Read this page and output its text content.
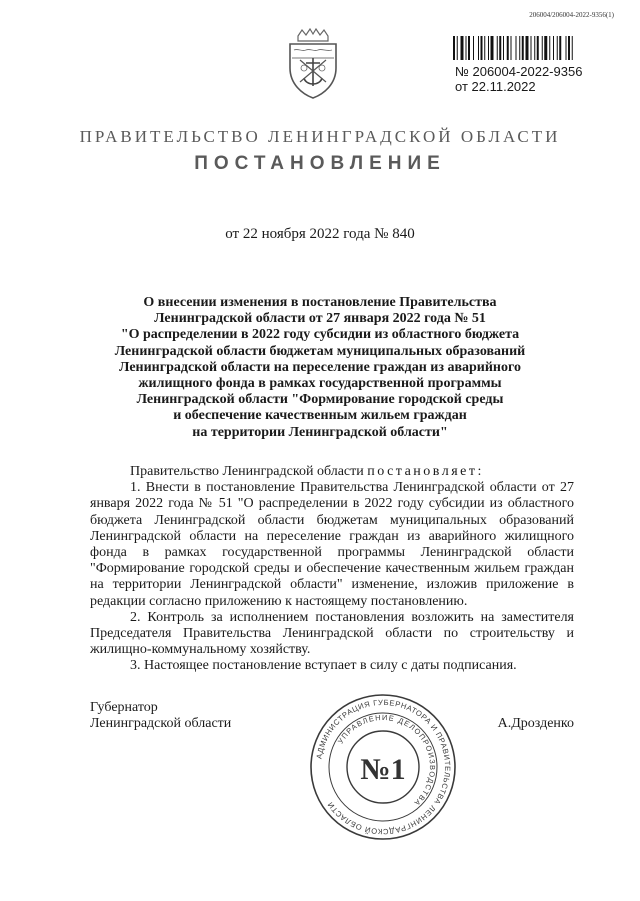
206004/206004-2022-9356(1)
№ 206004-2022-9356
от 22.11.2022
ПРАВИТЕЛЬСТВО ЛЕНИНГРАДСКОЙ ОБЛАСТИ
ПОСТАНОВЛЕНИЕ
от 22 ноября 2022 года № 840
О внесении изменения в постановление Правительства
Ленинградской области от 27 января 2022 года № 51
"О распределении в 2022 году субсидии из областного бюджета
Ленинградской области бюджетам муниципальных образований
Ленинградской области на переселение граждан из аварийного
жилищного фонда в рамках государственной программы
Ленинградской области "Формирование городской среды
и обеспечение качественным жильем граждан
на территории Ленинградской области"

Правительство Ленинградской области постановляет:

1. Внести в постановление Правительства Ленинградской области от 27 января 2022 года № 51 "О распределении в 2022 году субсидии из областного бюджета Ленинградской области бюджетам муниципальных образований Ленинградской области на переселение граждан из аварийного жилищного фонда в рамках государственной программы Ленинградской области "Формирование городской среды и обеспечение качественным жильем граждан на территории Ленинградской области" изменение, изложив приложение в редакции согласно приложению к настоящему постановлению.

2. Контроль за исполнением постановления возложить на заместителя Председателя Правительства Ленинградской области по строительству и жилищно-коммунальному хозяйству.

3. Настоящее постановление вступает в силу с даты подписания.

Губернатор
Ленинградской области	А.Дрозденко
АДМИНИСТРАЦИЯ ГУБЕРНАТОРА И ПРАВИТЕЛЬСТВА ЛЕНИНГРАДСКОЙ ОБЛАСТИ
УПРАВЛЕНИЕ ДЕЛОПРОИЗВОДСТВА
№1
